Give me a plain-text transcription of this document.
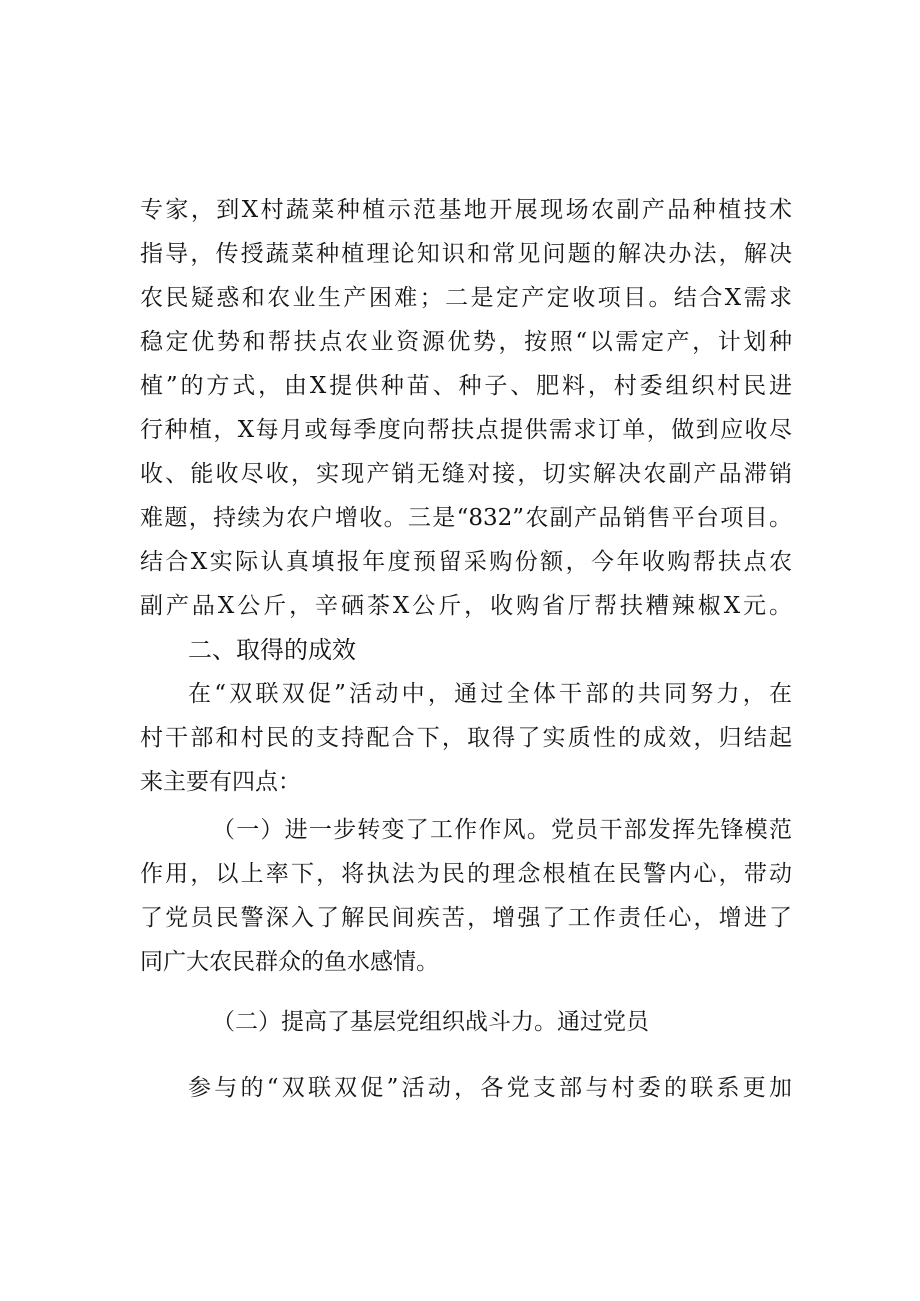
专家，到X村蔬菜种植示范基地开展现场农副产品种植技术
指导，传授蔬菜种植理论知识和常见问题的解决办法，解决
农民疑惑和农业生产困难；二是定产定收项目。结合X需求
稳定优势和帮扶点农业资源优势，按照“以需定产，计划种
植”的方式，由X提供种苗、种子、肥料，村委组织村民进
行种植，X每月或每季度向帮扶点提供需求订单，做到应收尽
收、能收尽收，实现产销无缝对接，切实解决农副产品滞销
难题，持续为农户增收。三是“832”农副产品销售平台项目。
结合X实际认真填报年度预留采购份额，今年收购帮扶点农
副产品X公斤，辛硒茶X公斤，收购省厅帮扶糟辣椒X元。
二、取得的成效
在“双联双促”活动中，通过全体干部的共同努力，在
村干部和村民的支持配合下，取得了实质性的成效，归结起
来主要有四点：
（一）进一步转变了工作作风。党员干部发挥先锋模范
作用，以上率下，将执法为民的理念根植在民警内心，带动
了党员民警深入了解民间疾苦，增强了工作责任心，增进了
同广大农民群众的鱼水感情。
（二）提高了基层党组织战斗力。通过党员
参与的“双联双促”活动，各党支部与村委的联系更加
